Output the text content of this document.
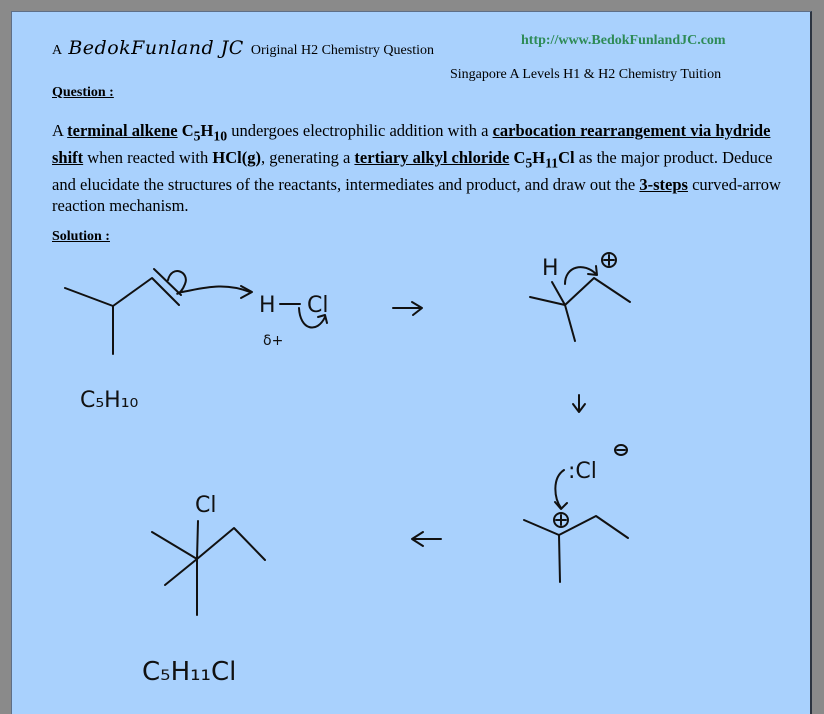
A BedokFunland JC Original H2 Chemistry Question
http://www.BedokFunlandJC.com
Singapore A Levels H1 & H2 Chemistry Tuition
Question :
A terminal alkene $C_5H_{10}$ undergoes electrophilic addition with a carbocation rearrangement via hydride shift when reacted with HCl(g), generating a tertiary alkyl chloride $C_5H_{11}Cl$ as the major product. Deduce and elucidate the structures of the reactants, intermediates and product, and draw out the 3-steps curved-arrow reaction mechanism.
Solution :
C₅H₁₀
H Cl
δ+
H
:Cl
Cl
C₅H₁₁Cl
